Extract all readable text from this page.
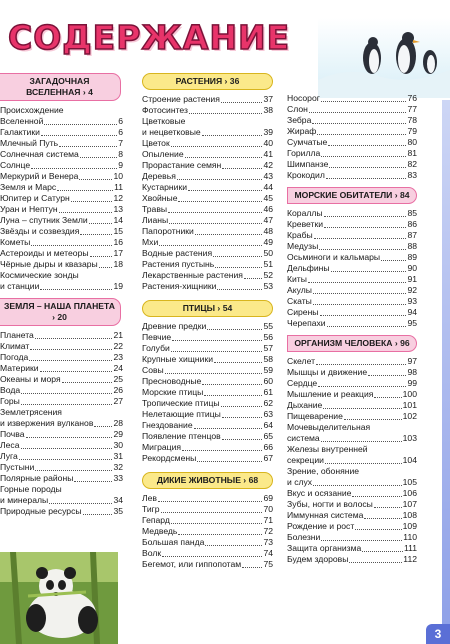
СОДЕРЖАНИЕ
ЗАГАДОЧНАЯ ВСЕЛЕННАЯ › 4
Происхождение
Вселенной	6
Галактики	6
Млечный Путь	7
Солнечная система	8
Солнце	9
Меркурий и Венера	10
Земля и Марс	11
Юпитер и Сатурн	12
Уран и Нептун	13
Луна – спутник Земли	14
Звёзды и созвездия	15
Кометы	16
Астероиды и метеоры	17
Чёрные дыры и квазары 18
Космические зонды
и станции	19
ЗЕМЛЯ – НАША ПЛАНЕТА › 20
Планета	21
Климат	22
Погода	23
Материки	24
Океаны и моря	25
Вода	26
Горы	27
Землетрясения
и извержения вулканов 28
Почва	29
Леса	30
Луга	31
Пустыни	32
Полярные районы	33
Горные породы
и минералы	34
Природные ресурсы	35
РАСТЕНИЯ › 36
Строение растения	37
Фотосинтез	38
Цветковые
и нецветковые	39
Цветок	40
Опыление	41
Прорастание семян	42
Деревья	43
Кустарники	44
Хвойные	45
Травы	46
Лианы	47
Папоротники	48
Мхи	49
Водные растения	50
Растения пустынь	51
Лекарственные растения 52
Растения-хищники	53
ПТИЦЫ › 54
Древние предки	55
Певчие	56
Голуби	57
Крупные хищники	58
Совы	59
Пресноводные	60
Морские птицы	61
Тропические птицы	62
Нелетающие птицы	63
Гнездование	64
Появление птенцов	65
Миграция	66
Рекордсмены	67
ДИКИЕ ЖИВОТНЫЕ › 68
Лев	69
Тигр	70
Гепард	71
Медведь	72
Большая панда	73
Волк	74
Бегемот, или гиппопотам	75
Носорог	76
Слон	77
Зебра	78
Жираф	79
Сумчатые	80
Горилла	81
Шимпанзе	82
Крокодил	83
МОРСКИЕ ОБИТАТЕЛИ › 84
Кораллы	85
Креветки	86
Крабы	87
Медузы	88
Осьминоги и кальмары	89
Дельфины	90
Киты	91
Акулы	92
Скаты	93
Сирены	94
Черепахи	95
ОРГАНИЗМ ЧЕЛОВЕКА › 96
Скелет	97
Мышцы и движение	98
Сердце	99
Мышление и реакция	100
Дыхание	101
Пищеварение	102
Мочевыделительная
система	103
Железы внутренней
секреции	104
Зрение, обоняние
и слух	105
Вкус и осязание	106
Зубы, ногти и волосы	107
Иммунная система	108
Рождение и рост	109
Болезни	110
Защита организма	111
Будем здоровы	112
3
